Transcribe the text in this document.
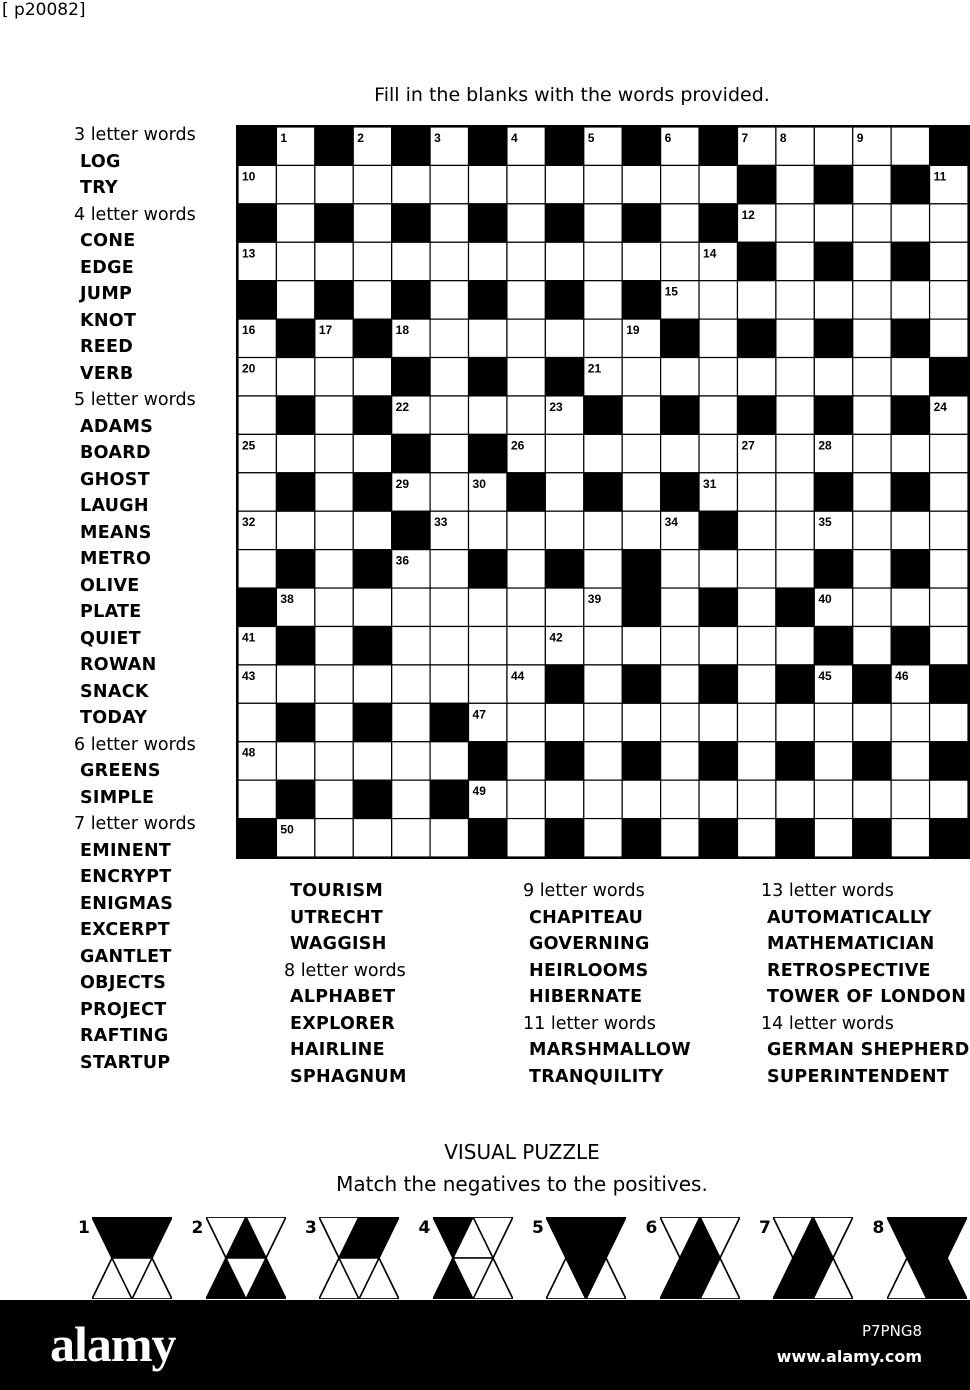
[ p20082]
Fill in the blanks with the words provided.
3 letter words
LOG
TRY
4 letter words
CONE
EDGE
JUMP
KNOT
REED
VERB
5 letter words
ADAMS
BOARD
GHOST
LAUGH
MEANS
METRO
OLIVE
PLATE
QUIET
ROWAN
SNACK
TODAY
6 letter words
GREENS
SIMPLE
7 letter words
EMINENT
ENCRYPT
ENIGMAS
EXCERPT
GANTLET
OBJECTS
PROJECT
RAFTING
STARTUP
TOURISM
UTRECHT
WAGGISH
8 letter words
ALPHABET
EXPLORER
HAIRLINE
SPHAGNUM
9 letter words
CHAPITEAU
GOVERNING
HEIRLOOMS
HIBERNATE
11 letter words
MARSHMALLOW
TRANQUILITY
13 letter words
AUTOMATICALLY
MATHEMATICIAN
RETROSPECTIVE
TOWER OF LONDON
14 letter words
GERMAN SHEPHERD
SUPERINTENDENT
1	2	3	4	5	6	7	8	9
10	11
12
13	14
15
16	17	18	19
20	21
22	23	24
25	26	27	28
29	30	31
32	33	34	35
36	37
38	39	40
41	42
43	44	45	46
47
48
49
50
VISUAL PUZZLE
Match the negatives to the positives.
1	2	3	4	5	6	7	8
alamy	P7PNG8
www.alamy.com
